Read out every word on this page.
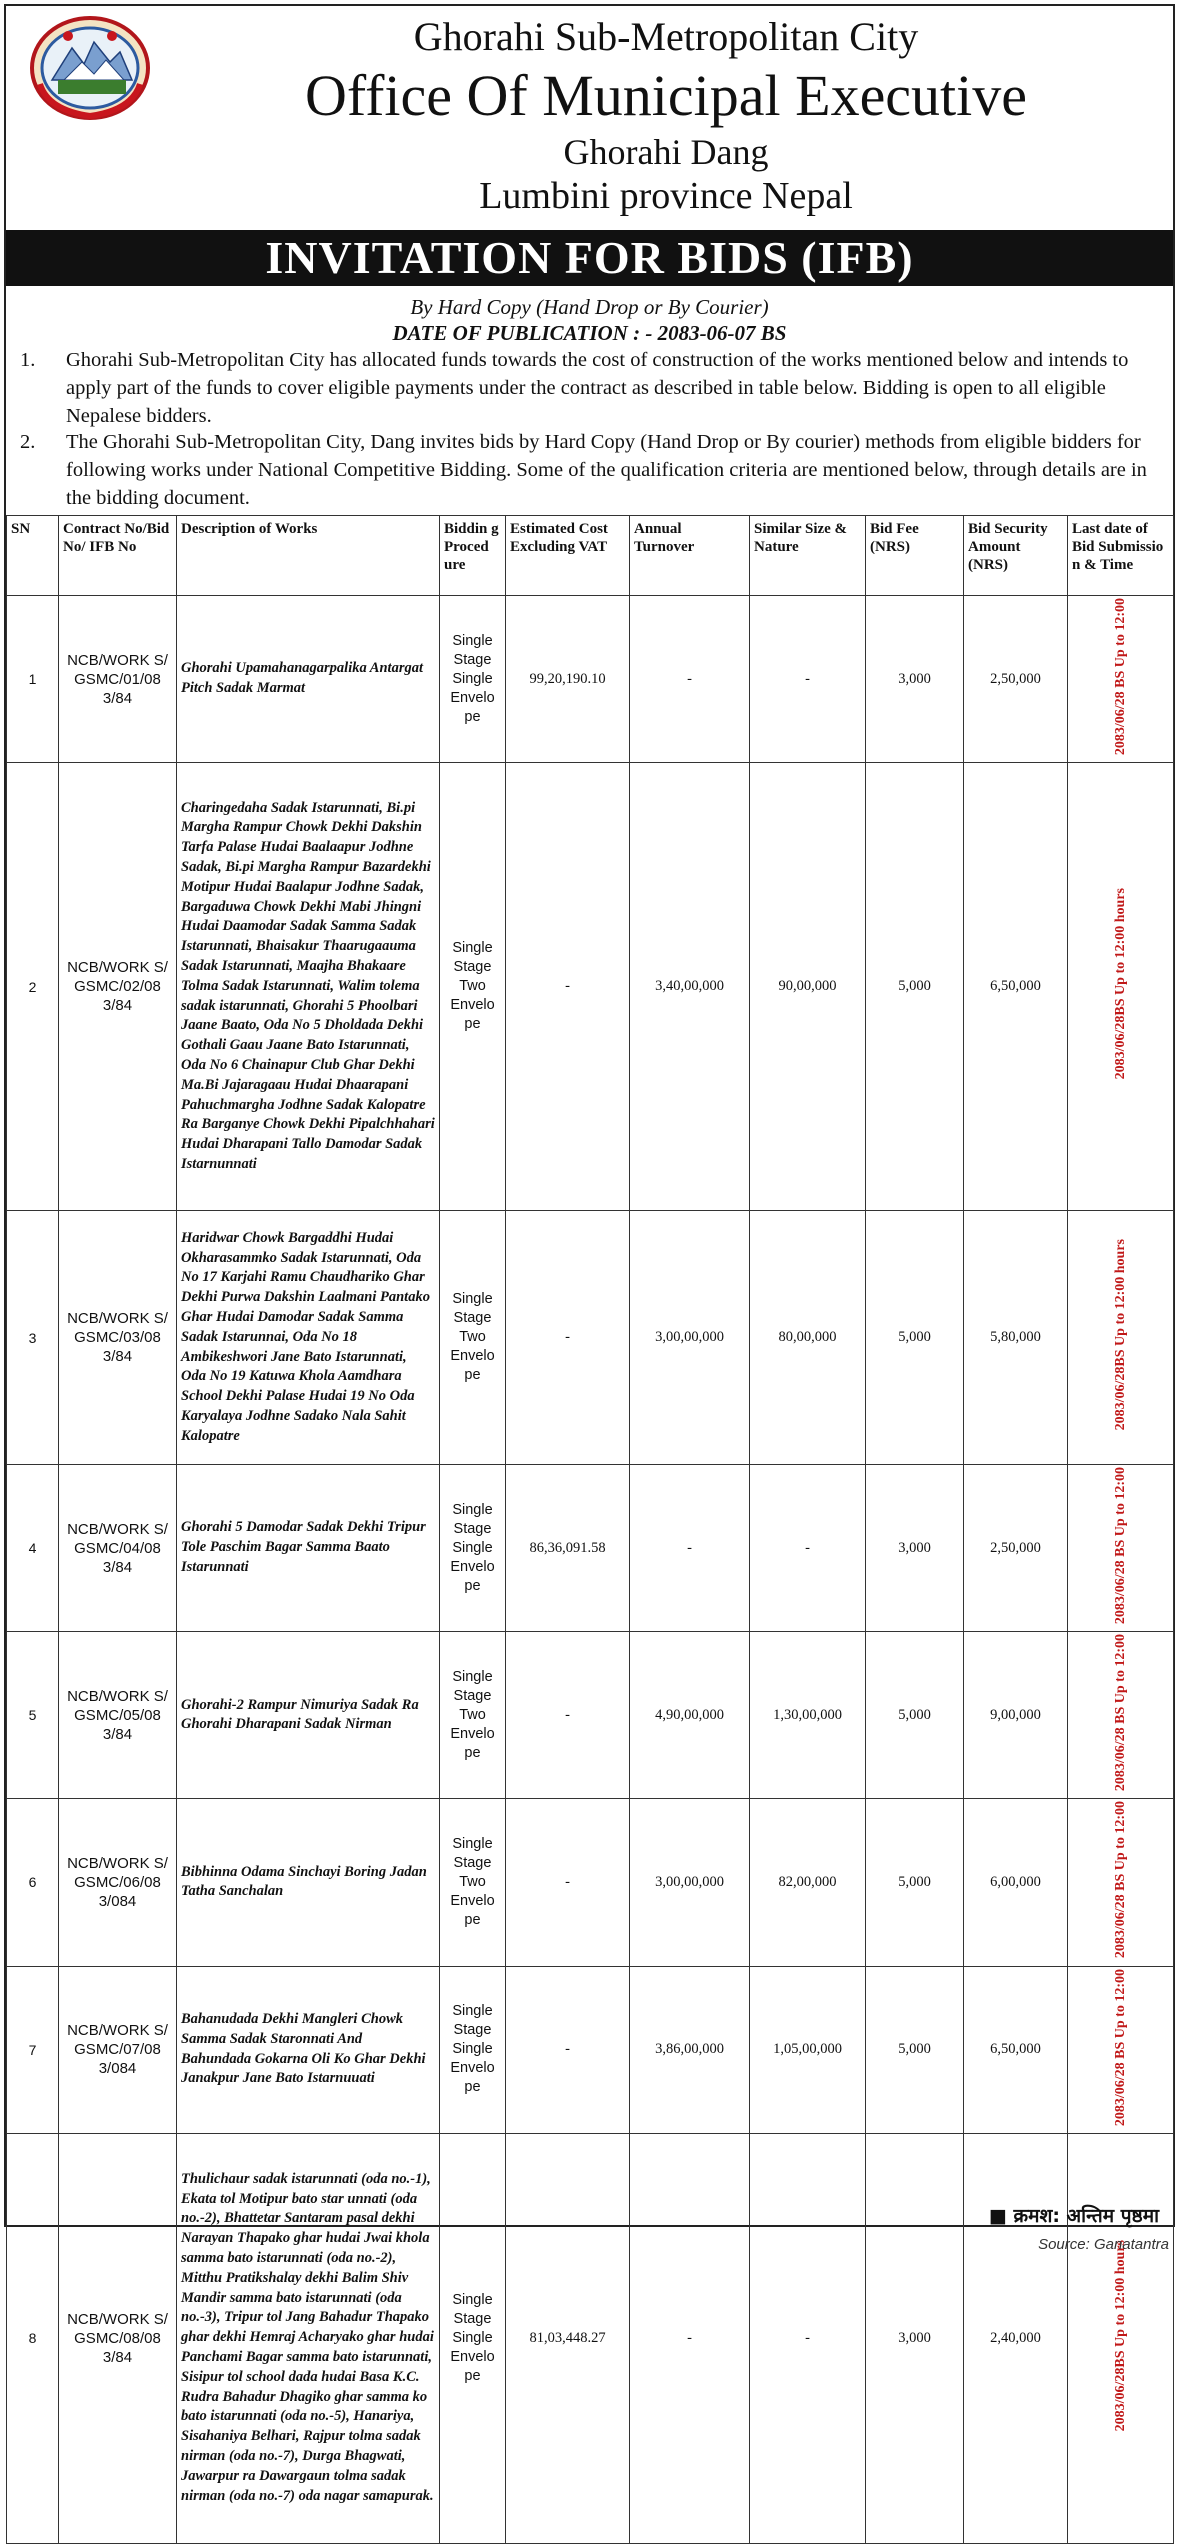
Ghorahi Sub-Metropolitan City
Office Of Municipal Executive
Ghorahi Dang
Lumbini province Nepal
INVITATION FOR BIDS (IFB)
By Hard Copy (Hand Drop or By Courier)
DATE OF PUBLICATION : - 2083-06-07 BS
1.	Ghorahi Sub-Metropolitan City has allocated funds towards the cost of construction of the works mentioned below and intends to apply part of the funds to cover eligible payments under the contract as described in table below. Bidding is open to all eligible Nepalese bidders.
2.	The Ghorahi Sub-Metropolitan City, Dang invites bids by Hard Copy (Hand Drop or By courier) methods from eligible bidders for following works under National Competitive Bidding. Some of the qualification criteria are mentioned below, through details are in the bidding document.
SN	Contract No/Bid No/ IFB No	Description of Works	Biddin g Proced ure	Estimated Cost Excluding VAT	Annual Turnover	Similar Size & Nature	Bid Fee (NRS)	Bid Security Amount (NRS)	Last date of Bid Submissio n & Time
1	NCB/WORK S/ GSMC/01/08 3/84	Ghorahi Upamahanagarpalika Antargat Pitch Sadak Marmat	Single Stage Single Envelo pe	99,20,190.10	-	-	3,000	2,50,000	2083/06/28 BS Up to 12:00
2	NCB/WORK S/ GSMC/02/08 3/84	Charingedaha Sadak Istarunnati, Bi.pi Margha Rampur Chowk Dekhi Dakshin Tarfa Palase Hudai Baalaapur Jodhne Sadak, Bi.pi Margha Rampur Bazardekhi Motipur Hudai Baalapur Jodhne Sadak, Bargaduwa Chowk Dekhi Mabi Jhingni Hudai Daamodar Sadak Samma Sadak Istarunnati, Bhaisakur Thaarugaauma Sadak Istarunnati, Maajha Bhakaare Tolma Sadak Istarunnati, Walim tolema sadak istarunnati, Ghorahi 5 Phoolbari Jaane Baato, Oda No 5 Dholdada Dekhi Gothali Gaau Jaane Bato Istarunnati, Oda No 6 Chainapur Club Ghar Dekhi Ma.Bi Jajaragaau Hudai Dhaarapani Pahuchmargha Jodhne Sadak Kalopatre Ra Barganye Chowk Dekhi Pipalchhahari Hudai Dharapani Tallo Damodar Sadak Istarnunnati	Single Stage Two Envelo pe	-	3,40,00,000	90,00,000	5,000	6,50,000	2083/06/28BS Up to 12:00 hours
3	NCB/WORK S/ GSMC/03/08 3/84	Haridwar Chowk Bargaddhi Hudai Okharasammko Sadak Istarunnati, Oda No 17 Karjahi Ramu Chaudhariko Ghar Dekhi Purwa Dakshin Laalmani Pantako Ghar Hudai Damodar Sadak Samma Sadak Istarunnai, Oda No 18 Ambikeshwori Jane Bato Istarunnati, Oda No 19 Katuwa Khola Aamdhara School Dekhi Palase Hudai 19 No Oda Karyalaya Jodhne Sadako Nala Sahit Kalopatre	Single Stage Two Envelo pe	-	3,00,00,000	80,00,000	5,000	5,80,000	2083/06/28BS Up to 12:00 hours
4	NCB/WORK S/ GSMC/04/08 3/84	Ghorahi 5 Damodar Sadak Dekhi Tripur Tole Paschim Bagar Samma Baato Istarunnati	Single Stage Single Envelo pe	86,36,091.58	-	-	3,000	2,50,000	2083/06/28 BS Up to 12:00
5	NCB/WORK S/ GSMC/05/08 3/84	Ghorahi-2 Rampur Nimuriya Sadak Ra Ghorahi Dharapani Sadak Nirman	Single Stage Two Envelo pe	-	4,90,00,000	1,30,00,000	5,000	9,00,000	2083/06/28 BS Up to 12:00
6	NCB/WORK S/ GSMC/06/08 3/084	Bibhinna Odama Sinchayi Boring Jadan Tatha Sanchalan	Single Stage Two Envelo pe	-	3,00,00,000	82,00,000	5,000	6,00,000	2083/06/28 BS Up to 12:00
7	NCB/WORK S/ GSMC/07/08 3/084	Bahanudada Dekhi Mangleri Chowk Samma Sadak Staronnati And Bahundada Gokarna Oli Ko Ghar Dekhi Janakpur Jane Bato Istarnuuati	Single Stage Single Envelo pe	-	3,86,00,000	1,05,00,000	5,000	6,50,000	2083/06/28 BS Up to 12:00
8	NCB/WORK S/ GSMC/08/08 3/84	Thulichaur sadak istarunnati (oda no.-1), Ekata tol Motipur bato star unnati (oda no.-2), Bhattetar Santaram pasal dekhi Narayan Thapako ghar hudai Jwai khola samma bato istarunnati (oda no.-2), Mitthu Pratikshalay dekhi Balim Shiv Mandir samma bato istarunnati (oda no.-3), Tripur tol Jang Bahadur Thapako ghar dekhi Hemraj Acharyako ghar hudai Panchami Bagar samma bato istarunnati, Sisipur tol school dada hudai Basa K.C. Rudra Bahadur Dhagiko ghar samma ko bato istarunnati (oda no.-5), Hanariya, Sisahaniya Belhari, Rajpur tolma sadak nirman (oda no.-7), Durga Bhagwati, Jawarpur ra Dawargaun tolma sadak nirman (oda no.-7) oda nagar samapurak.	Single Stage Single Envelo pe	81,03,448.27	-	-	3,000	2,40,000	2083/06/28BS Up to 12:00 hours
■ क्रमश: अन्तिम पृष्ठमा
Source: Ganatantra
